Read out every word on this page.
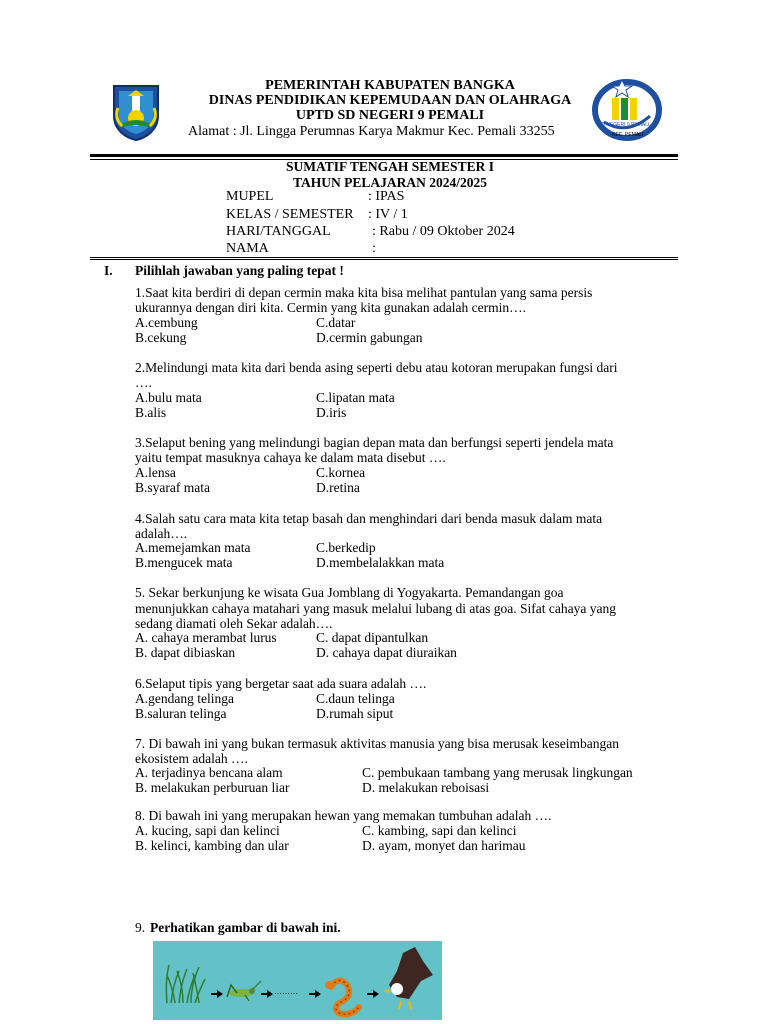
SD NEGERI 9 PEMALI
KEC. PEMALI
PEMERINTAH KABUPATEN BANGKA
DINAS PENDIDIKAN KEPEMUDAAN DAN OLAHRAGA
UPTD SD NEGERI 9 PEMALI
Alamat : Jl. Lingga Perumnas Karya Makmur Kec. Pemali 33255
SUMATIF TENGAH SEMESTER I
TAHUN PELAJARAN 2024/2025
MUPEL	: IPAS
KELAS / SEMESTER : IV / 1
HARI/TANGGAL	: Rabu / 09 Oktober 2024
NAMA	:
I. Pilihlah jawaban yang paling tepat !
1.Saat kita berdiri di depan cermin maka kita bisa melihat pantulan yang sama persis
ukurannya dengan diri kita. Cermin yang kita gunakan adalah cermin….
A.cembung	C.datar
B.cekung	D.cermin gabungan
2.Melindungi mata kita dari benda asing seperti debu atau kotoran merupakan fungsi dari
….
A.bulu mata	C.lipatan mata
B.alis	D.iris
3.Selaput bening yang melindungi bagian depan mata dan berfungsi seperti jendela mata
yaitu tempat masuknya cahaya ke dalam mata disebut ….
A.lensa	C.kornea
B.syaraf mata	D.retina
4.Salah satu cara mata kita tetap basah dan menghindari dari benda masuk dalam mata
adalah….
A.memejamkan mata	C.berkedip
B.mengucek mata	D.membelalakkan mata
5. Sekar berkunjung ke wisata Gua Jomblang di Yogyakarta. Pemandangan goa
menunjukkan cahaya matahari yang masuk melalui lubang di atas goa. Sifat cahaya yang
sedang diamati oleh Sekar adalah….
A. cahaya merambat lurus	C. dapat dipantulkan
B. dapat dibiaskan	D. cahaya dapat diuraikan
6.Selaput tipis yang bergetar saat ada suara adalah ….
A.gendang telinga	C.daun telinga
B.saluran telinga	D.rumah siput
7. Di bawah ini yang bukan termasuk aktivitas manusia yang bisa merusak keseimbangan
ekosistem adalah ….
A. terjadinya bencana alam	C. pembukaan tambang yang merusak lingkungan
B. melakukan perburuan liar	D. melakukan reboisasi
8. Di bawah ini yang merupakan hewan yang memakan tumbuhan adalah ….
A. kucing, sapi dan kelinci	C. kambing, sapi dan kelinci
B. kelinci, kambing dan ular	D. ayam, monyet dan harimau
9. Perhatikan gambar di bawah ini.
………
